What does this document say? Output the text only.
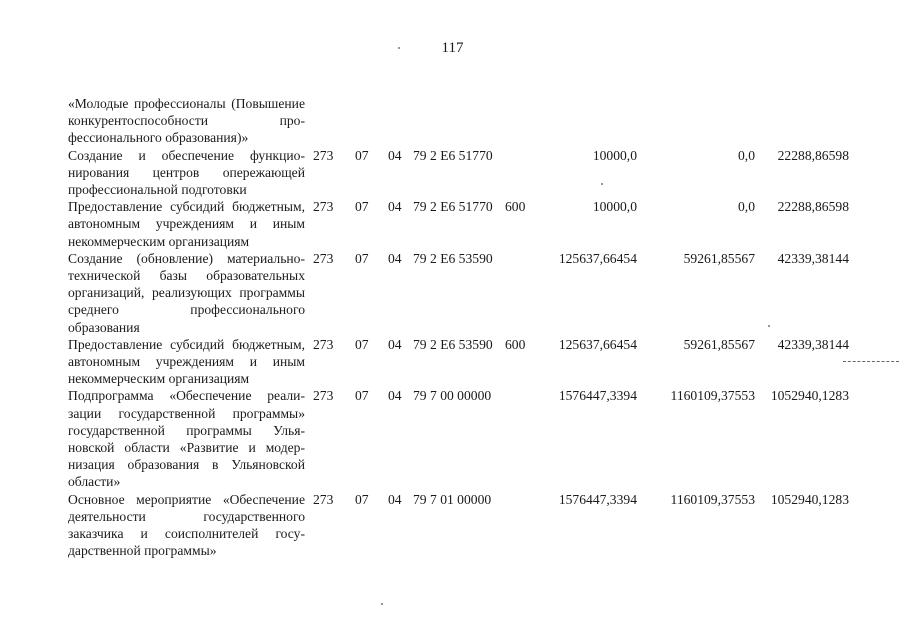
117
«Молодые профессионалы (Повышение конкурентоспособности профессионального образования)»								
Создание и обеспечение функционирования центров опережающей профессиональной подготовки	273	07	04	79 2 Е6 51770		10000,0	0,0	22288,86598
Предоставление субсидий бюджетным, автономным учреждениям и иным некоммерческим организациям	273	07	04	79 2 Е6 51770	600	10000,0	0,0	22288,86598
Создание (обновление) материально-технической базы образовательных организаций, реализующих программы среднего профессионального образования	273	07	04	79 2 Е6 53590		125637,66454	59261,85567	42339,38144
Предоставление субсидий бюджетным, автономным учреждениям и иным некоммерческим организациям	273	07	04	79 2 Е6 53590	600	125637,66454	59261,85567	42339,38144
Подпрограмма «Обеспечение реализации государственной программы» государственной программы Ульяновской области «Развитие и модернизация образования в Ульяновской области»	273	07	04	79 7 00 00000		1576447,3394	1160109,37553	1052940,1283
Основное мероприятие «Обеспечение деятельности государственного заказчика и соисполнителей государственной программы»	273	07	04	79 7 01 00000		1576447,3394	1160109,37553	1052940,1283
